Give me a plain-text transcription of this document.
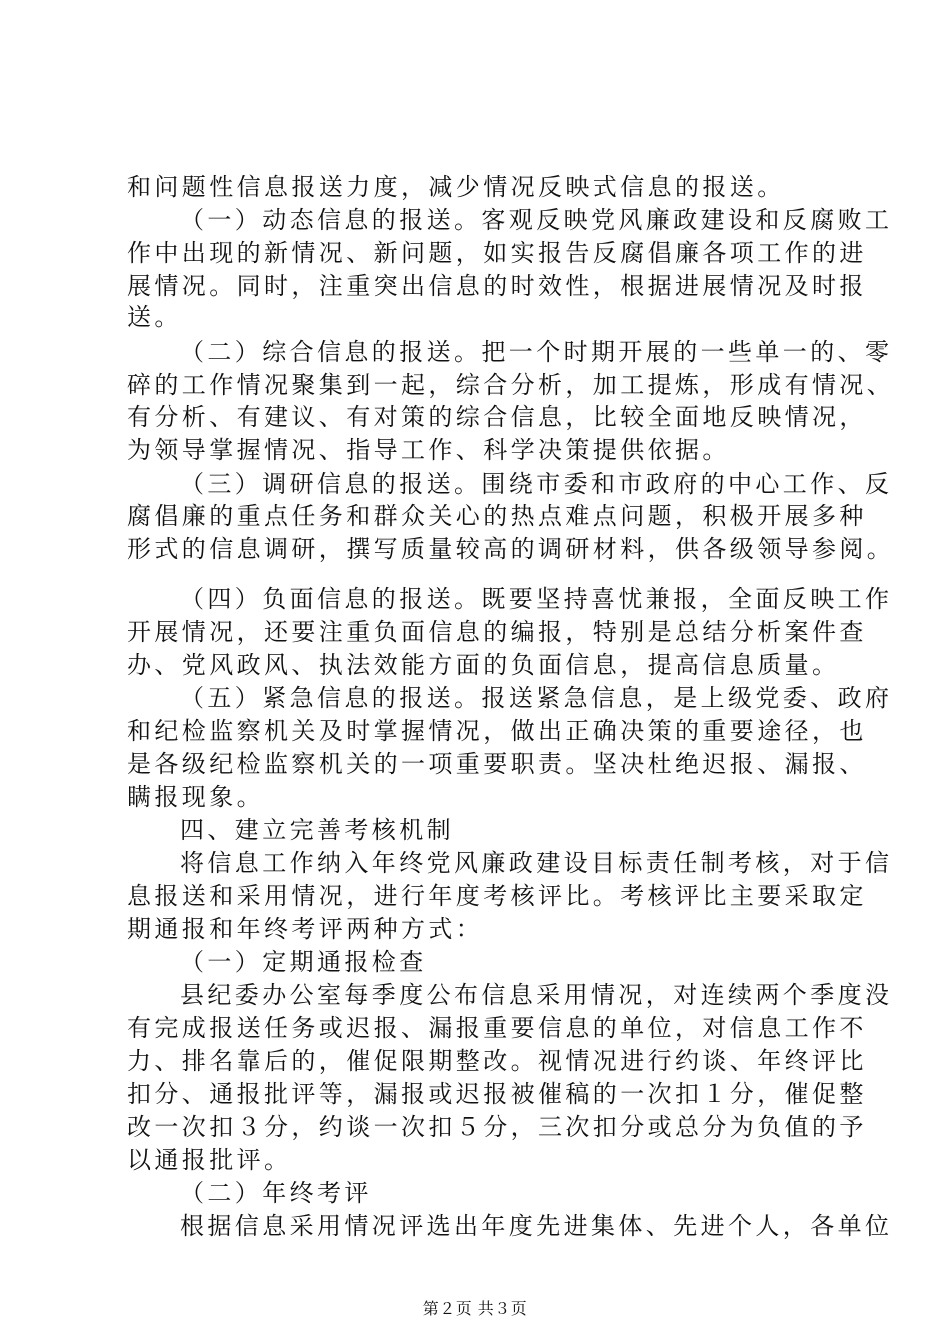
和问题性信息报送力度，减少情况反映式信息的报送。
（一）动态信息的报送。客观反映党风廉政建设和反腐败工
作中出现的新情况、新问题，如实报告反腐倡廉各项工作的进
展情况。同时，注重突出信息的时效性，根据进展情况及时报
送。
（二）综合信息的报送。把一个时期开展的一些单一的、零
碎的工作情况聚集到一起，综合分析，加工提炼，形成有情况、
有分析、有建议、有对策的综合信息，比较全面地反映情况，
为领导掌握情况、指导工作、科学决策提供依据。
（三）调研信息的报送。围绕市委和市政府的中心工作、反
腐倡廉的重点任务和群众关心的热点难点问题，积极开展多种
形式的信息调研，撰写质量较高的调研材料，供各级领导参阅。
（四）负面信息的报送。既要坚持喜忧兼报，全面反映工作
开展情况，还要注重负面信息的编报，特别是总结分析案件查
办、党风政风、执法效能方面的负面信息，提高信息质量。
（五）紧急信息的报送。报送紧急信息，是上级党委、政府
和纪检监察机关及时掌握情况，做出正确决策的重要途径，也
是各级纪检监察机关的一项重要职责。坚决杜绝迟报、漏报、
瞒报现象。
四、建立完善考核机制
将信息工作纳入年终党风廉政建设目标责任制考核，对于信
息报送和采用情况，进行年度考核评比。考核评比主要采取定
期通报和年终考评两种方式：
（一）定期通报检查
县纪委办公室每季度公布信息采用情况，对连续两个季度没
有完成报送任务或迟报、漏报重要信息的单位，对信息工作不
力、排名靠后的，催促限期整改。视情况进行约谈、年终评比
扣分、通报批评等，漏报或迟报被催稿的一次扣１分，催促整
改一次扣３分，约谈一次扣５分，三次扣分或总分为负值的予
以通报批评。
（二）年终考评
根据信息采用情况评选出年度先进集体、先进个人，各单位
第２页 共３页
